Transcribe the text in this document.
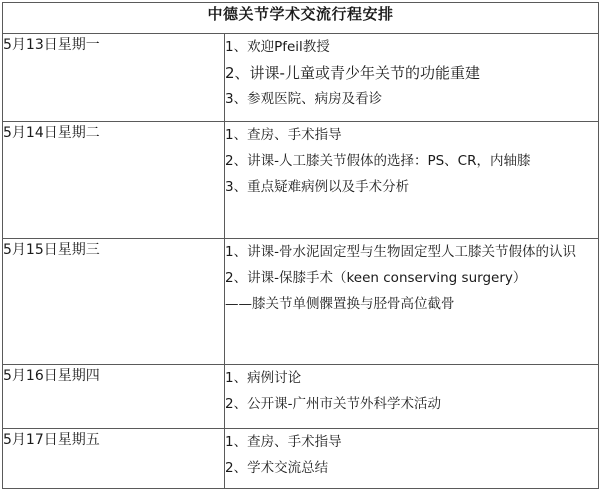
中德关节学术交流行程安排	
5月13日星期一	1、欢迎Pfeil教授
2、讲课-儿童或青少年关节的功能重建
3、参观医院、病房及看诊

5月14日星期二	1、查房、手术指导
2、讲课-人工膝关节假体的选择：PS、CR，内轴膝
3、重点疑难病例以及手术分析

5月15日星期三	1、讲课-骨水泥固定型与生物固定型人工膝关节假体的认识
2、讲课-保膝手术（keen conserving surgery）
——膝关节单侧髁置换与胫骨高位截骨

5月16日星期四	1、病例讨论
2、公开课-广州市关节外科学术活动

5月17日星期五	1、查房、手术指导
2、学术交流总结
